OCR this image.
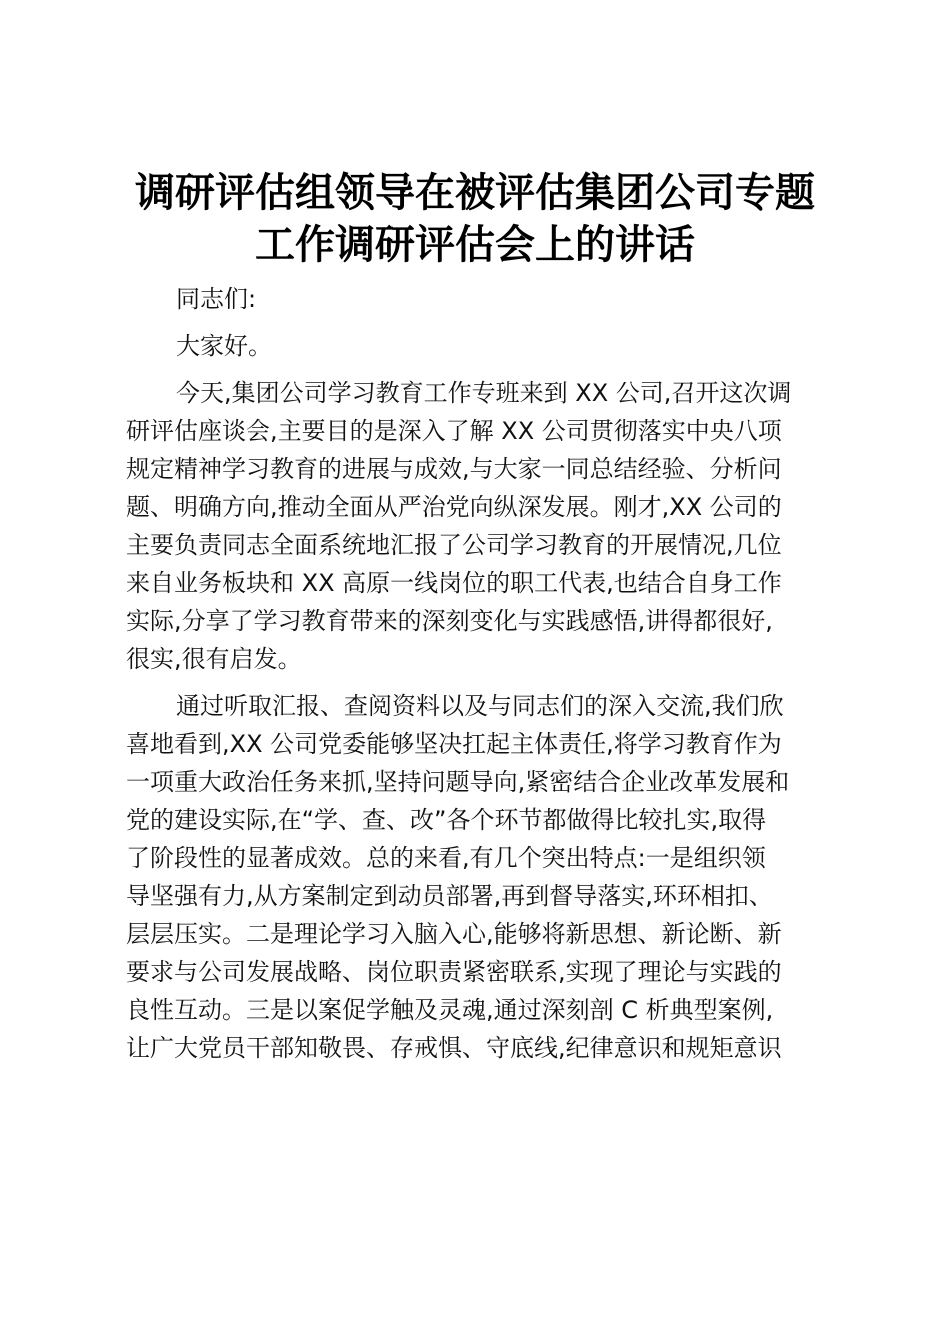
调研评估组领导在被评估集团公司专题
工作调研评估会上的讲话
同志们:
大家好。
今天,集团公司学习教育工作专班来到 XX 公司,召开这次调
研评估座谈会,主要目的是深入了解 XX 公司贯彻落实中央八项
规定精神学习教育的进展与成效,与大家一同总结经验、分析问
题、明确方向,推动全面从严治党向纵深发展。刚才,XX 公司的
主要负责同志全面系统地汇报了公司学习教育的开展情况,几位
来自业务板块和 XX 高原一线岗位的职工代表,也结合自身工作
实际,分享了学习教育带来的深刻变化与实践感悟,讲得都很好,
很实,很有启发。
通过听取汇报、查阅资料以及与同志们的深入交流,我们欣
喜地看到,XX 公司党委能够坚决扛起主体责任,将学习教育作为
一项重大政治任务来抓,坚持问题导向,紧密结合企业改革发展和
党的建设实际,在“学、查、改”各个环节都做得比较扎实,取得
了阶段性的显著成效。总的来看,有几个突出特点:一是组织领
导坚强有力,从方案制定到动员部署,再到督导落实,环环相扣、
层层压实。二是理论学习入脑入心,能够将新思想、新论断、新
要求与公司发展战略、岗位职责紧密联系,实现了理论与实践的
良性互动。三是以案促学触及灵魂,通过深刻剖 C 析典型案例,
让广大党员干部知敬畏、存戒惧、守底线,纪律意识和规矩意识
